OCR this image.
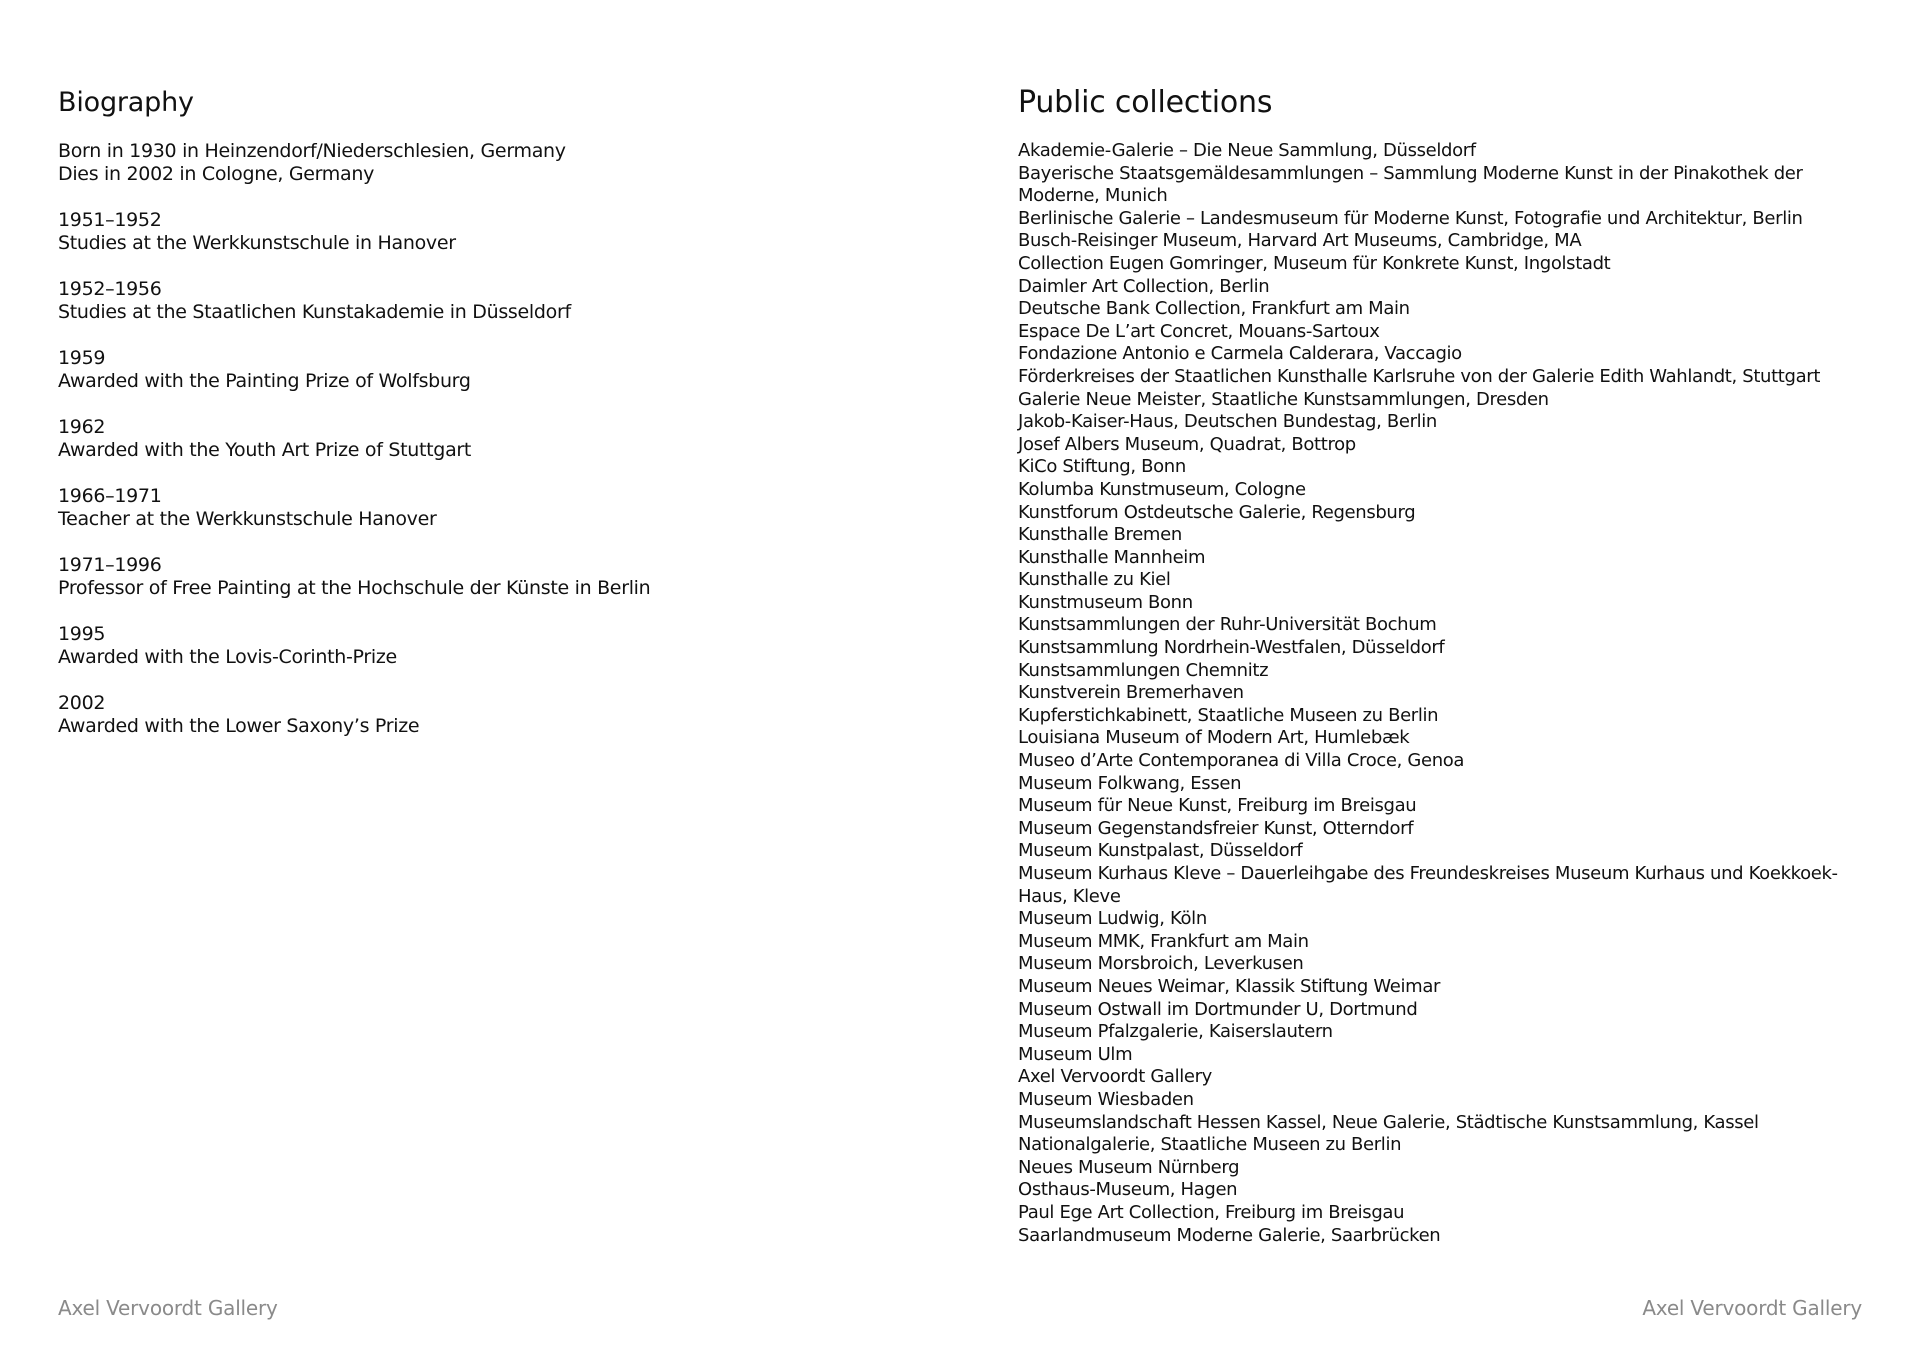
Biography
Born in 1930 in Heinzendorf/Niederschlesien, Germany
Dies in 2002 in Cologne, Germany
1951–1952
Studies at the Werkkunstschule in Hanover
1952–1956
Studies at the Staatlichen Kunstakademie in Düsseldorf
1959
Awarded with the Painting Prize of Wolfsburg
1962
Awarded with the Youth Art Prize of Stuttgart
1966–1971
Teacher at the Werkkunstschule Hanover
1971–1996
Professor of Free Painting at the Hochschule der Künste in Berlin
1995
Awarded with the Lovis-Corinth-Prize
2002
Awarded with the Lower Saxony’s Prize
Public collections
Akademie-Galerie – Die Neue Sammlung, Düsseldorf
Bayerische Staatsgemäldesammlungen – Sammlung Moderne Kunst in der Pinakothek der Moderne, Munich
Berlinische Galerie – Landesmuseum für Moderne Kunst, Fotografie und Architektur, Berlin
Busch-Reisinger Museum, Harvard Art Museums, Cambridge, MA
Collection Eugen Gomringer, Museum für Konkrete Kunst, Ingolstadt
Daimler Art Collection, Berlin
Deutsche Bank Collection, Frankfurt am Main
Espace De L’art Concret, Mouans-Sartoux
Fondazione Antonio e Carmela Calderara, Vaccagio
Förderkreises der Staatlichen Kunsthalle Karlsruhe von der Galerie Edith Wahlandt, Stuttgart
Galerie Neue Meister, Staatliche Kunstsammlungen, Dresden
Jakob-Kaiser-Haus, Deutschen Bundestag, Berlin
Josef Albers Museum, Quadrat, Bottrop
KiCo Stiftung, Bonn
Kolumba Kunstmuseum, Cologne
Kunstforum Ostdeutsche Galerie, Regensburg
Kunsthalle Bremen
Kunsthalle Mannheim
Kunsthalle zu Kiel
Kunstmuseum Bonn
Kunstsammlungen der Ruhr-Universität Bochum
Kunstsammlung Nordrhein-Westfalen, Düsseldorf
Kunstsammlungen Chemnitz
Kunstverein Bremerhaven
Kupferstichkabinett, Staatliche Museen zu Berlin
Louisiana Museum of Modern Art, Humlebæk
Museo d’Arte Contemporanea di Villa Croce, Genoa
Museum Folkwang, Essen
Museum für Neue Kunst, Freiburg im Breisgau
Museum Gegenstandsfreier Kunst, Otterndorf
Museum Kunstpalast, Düsseldorf
Museum Kurhaus Kleve – Dauerleihgabe des Freundeskreises Museum Kurhaus und Koekkoek-Haus, Kleve
Museum Ludwig, Köln
Museum MMK, Frankfurt am Main
Museum Morsbroich, Leverkusen
Museum Neues Weimar, Klassik Stiftung Weimar
Museum Ostwall im Dortmunder U, Dortmund
Museum Pfalzgalerie, Kaiserslautern
Museum Ulm
Axel Vervoordt Gallery
Museum Wiesbaden
Museumslandschaft Hessen Kassel, Neue Galerie, Städtische Kunstsammlung, Kassel
Nationalgalerie, Staatliche Museen zu Berlin
Neues Museum Nürnberg
Osthaus-Museum, Hagen
Paul Ege Art Collection, Freiburg im Breisgau
Saarlandmuseum Moderne Galerie, Saarbrücken
Axel Vervoordt Gallery	Axel Vervoordt Gallery
